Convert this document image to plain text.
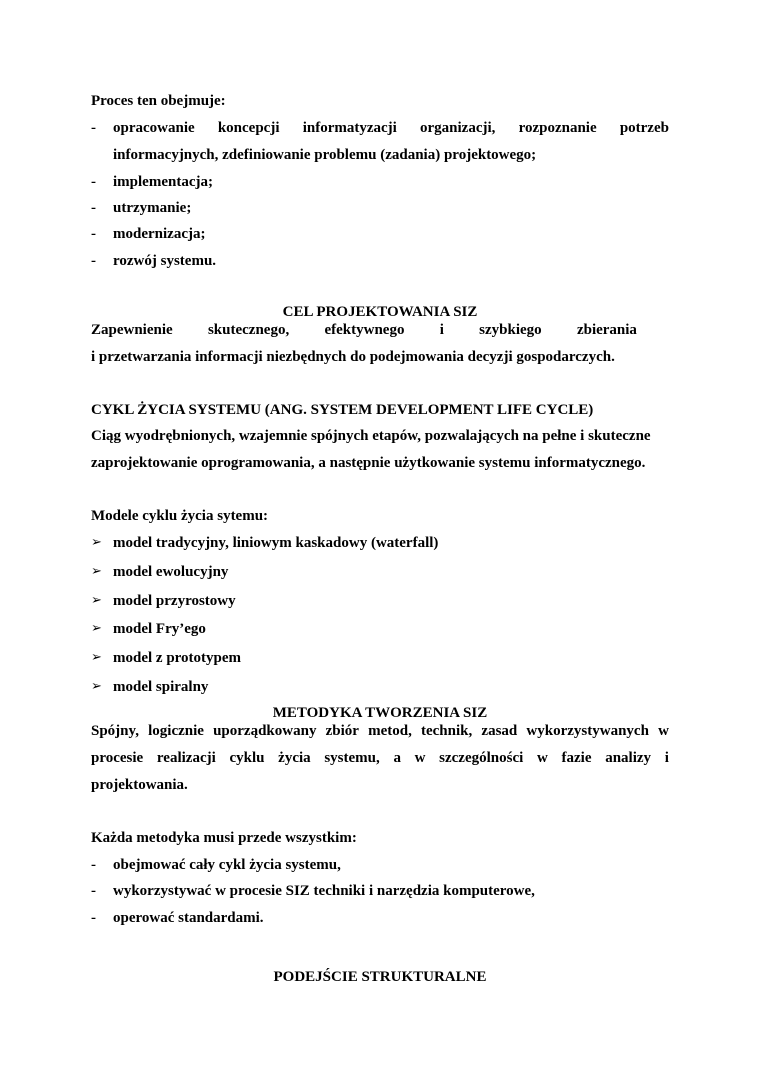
Proces ten obejmuje:
- opracowanie koncepcji informatyzacji organizacji, rozpoznanie potrzeb
informacyjnych, zdefiniowanie problemu (zadania) projektowego;
- implementacja;
- utrzymanie;
- modernizacja;
- rozwój systemu.
CEL PROJEKTOWANIA SIZ
Zapewnienie skutecznego, efektywnego i szybkiego zbierania
i przetwarzania informacji niezbędnych do podejmowania decyzji gospodarczych.
CYKL ŻYCIA SYSTEMU (ANG. SYSTEM DEVELOPMENT LIFE CYCLE)
Ciąg wyodrębnionych, wzajemnie spójnych etapów, pozwalających na pełne i skuteczne
zaprojektowanie oprogramowania, a następnie użytkowanie systemu informatycznego.
Modele cyklu życia sytemu:
➢ model tradycyjny, liniowym kaskadowy (waterfall)
➢ model ewolucyjny
➢ model przyrostowy
➢ model Fry’ego
➢ model z prototypem
➢ model spiralny
METODYKA TWORZENIA SIZ
Spójny, logicznie uporządkowany zbiór metod, technik, zasad wykorzystywanych w
procesie realizacji cyklu życia systemu, a w szczególności w fazie analizy i
projektowania.
Każda metodyka musi przede wszystkim:
- obejmować cały cykl życia systemu,
- wykorzystywać w procesie SIZ techniki i narzędzia komputerowe,
- operować standardami.
PODEJŚCIE STRUKTURALNE
